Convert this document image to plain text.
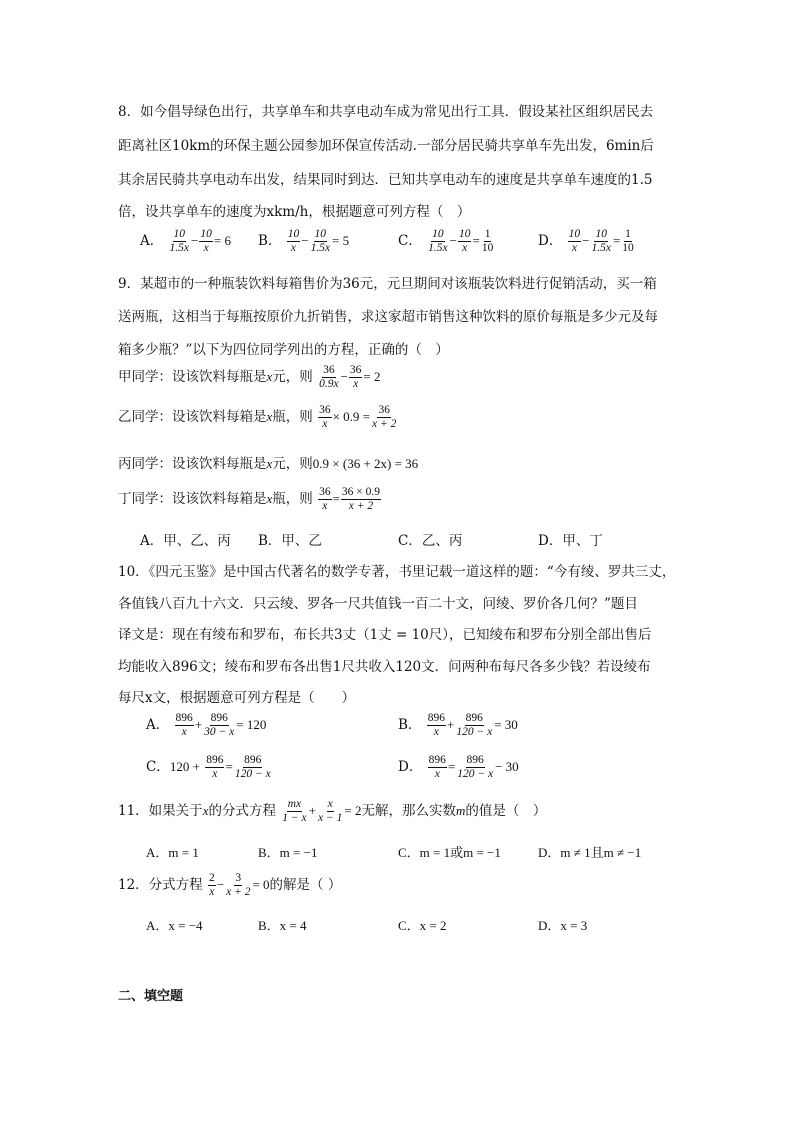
8．如今倡导绿色出行，共享单车和共享电动车成为常见出行工具．假设某社区组织居民去
距离社区10km的环保主题公园参加环保宣传活动.一部分居民骑共享单车先出发，6min后
其余居民骑共享电动车出发，结果同时到达．已知共享电动车的速度是共享单车速度的1.5
倍，设共享单车的速度为xkm/h，根据题意可列方程（　）
A． $\frac{10}{1.5x} - \frac{10}{x} = 6$ B． $\frac{10}{x} - \frac{10}{1.5x} = 5$	C． $\frac{10}{1.5x} - \frac{10}{x} = \frac{1}{10}$	D． $\frac{10}{x} - \frac{10}{1.5x} = \frac{1}{10}$
9．某超市的一种瓶装饮料每箱售价为36元，元旦期间对该瓶装饮料进行促销活动，买一箱
送两瓶，这相当于每瓶按原价九折销售，求这家超市销售这种饮料的原价每瓶是多少元及每
箱多少瓶？”以下为四位同学列出的方程，正确的（　）
甲同学：设该饮料每瓶是x元，则 $\frac{36}{0.9x} - \frac{36}{x} = 2$
乙同学：设该饮料每箱是x瓶，则 $\frac{36}{x} \times 0.9 = \frac{36}{x + 2}$
丙同学：设该饮料每瓶是x元，则0.9 × (36 + 2x) = 36
丁同学：设该饮料每箱是x瓶，则 $\frac{36}{x} = \frac{36 \times 0.9}{x + 2}$
A．甲、乙、丙 B．甲、乙	C．乙、丙	D．甲、丁
10．《四元玉鉴》是中国古代著名的数学专著，书里记载一道这样的题：“今有绫、罗共三丈，
各值钱八百九十六文．只云绫、罗各一尺共值钱一百二十文，问绫、罗价各几何？”题目
译文是：现在有绫布和罗布，布长共3丈（1丈 = 10尺），已知绫布和罗布分别全部出售后
均能收入896文；绫布和罗布各出售1尺共收入120文．问两种布每尺各多少钱？若设绫布
每尺x文，根据题意可列方程是（　　）
A． $\frac{896}{x} + \frac{896}{30 - x} = 120$	B． $\frac{896}{x} + \frac{896}{120 - x} = 30$
C．$120 + \frac{896}{x} = \frac{896}{120 - x}$	D． $\frac{896}{x} = \frac{896}{120 - x} - 30$
11．如果关于x的分式方程 $\frac{mx}{1 - x} + \frac{x}{x - 1} = 2$无解，那么实数m的值是（　）
A．m = 1	B．m = −1	C．m = 1或m = −1	D．m ≠ 1且m ≠ −1
12．分式方程 $\frac{2}{x} - \frac{3}{x + 2} = 0$的解是（ ）
A．x = −4	B．x = 4	C．x = 2	D．x = 3
二、填空题
